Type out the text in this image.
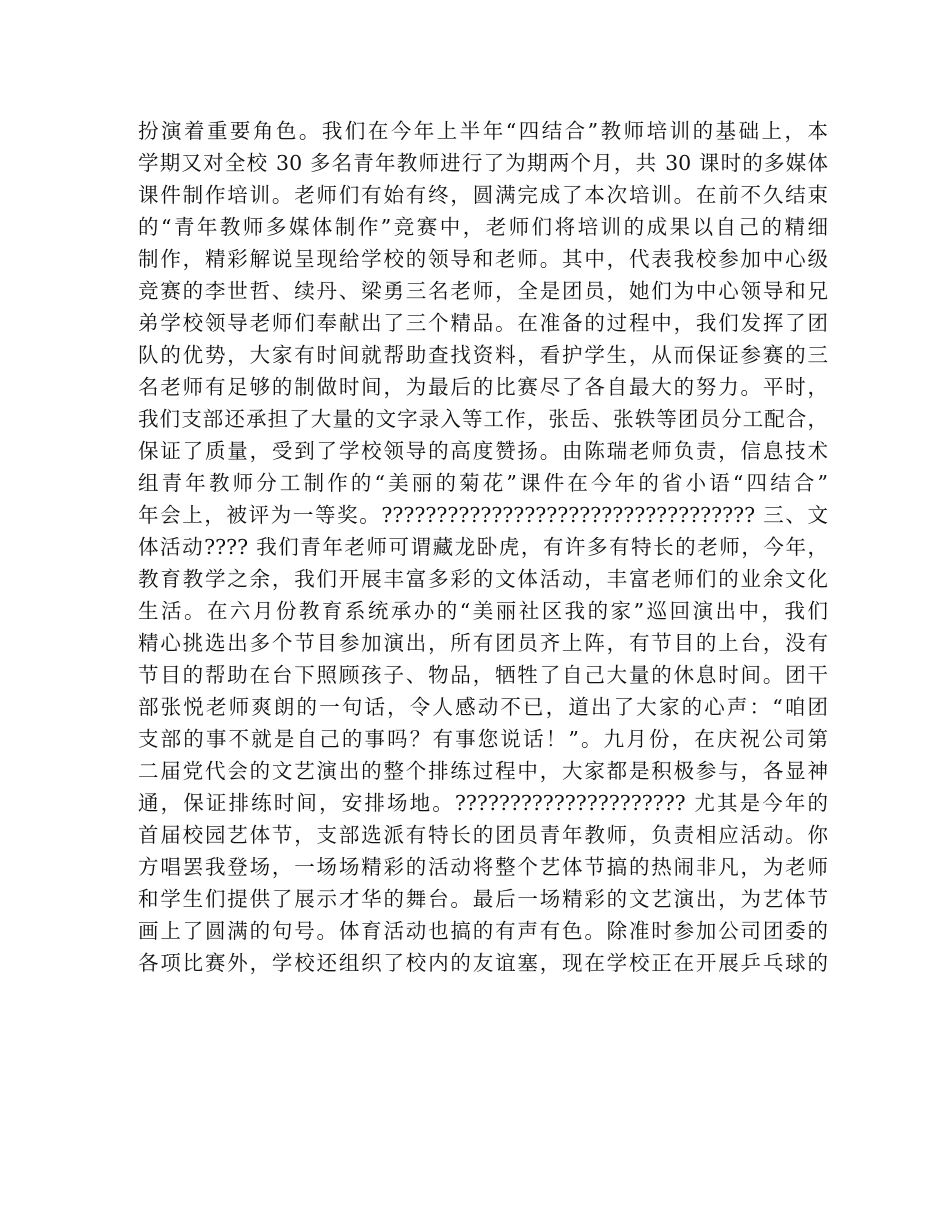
扮演着重要角色。我们在今年上半年“四结合”教师培训的基础上，本
学期又对全校 30 多名青年教师进行了为期两个月，共 30 课时的多媒体
课件制作培训。老师们有始有终，圆满完成了本次培训。在前不久结束
的“青年教师多媒体制作”竞赛中，老师们将培训的成果以自己的精细
制作，精彩解说呈现给学校的领导和老师。其中，代表我校参加中心级
竞赛的李世哲、续丹、梁勇三名老师，全是团员，她们为中心领导和兄
弟学校领导老师们奉献出了三个精品。在准备的过程中，我们发挥了团
队的优势，大家有时间就帮助查找资料，看护学生，从而保证参赛的三
名老师有足够的制做时间，为最后的比赛尽了各自最大的努力。平时，
我们支部还承担了大量的文字录入等工作，张岳、张轶等团员分工配合，
保证了质量，受到了学校领导的高度赞扬。由陈瑞老师负责，信息技术
组青年教师分工制作的“美丽的菊花”课件在今年的省小语“四结合”
年会上，被评为一等奖。?????????????????????????????????? 三、文
体活动???? 我们青年老师可谓藏龙卧虎，有许多有特长的老师，今年，
教育教学之余，我们开展丰富多彩的文体活动，丰富老师们的业余文化
生活。在六月份教育系统承办的“美丽社区我的家”巡回演出中，我们
精心挑选出多个节目参加演出，所有团员齐上阵，有节目的上台，没有
节目的帮助在台下照顾孩子、物品，牺牲了自己大量的休息时间。团干
部张悦老师爽朗的一句话，令人感动不已，道出了大家的心声：“咱团
支部的事不就是自己的事吗？有事您说话！”。九月份，在庆祝公司第
二届党代会的文艺演出的整个排练过程中，大家都是积极参与，各显神
通，保证排练时间，安排场地。????????????????????? 尤其是今年的
首届校园艺体节，支部选派有特长的团员青年教师，负责相应活动。你
方唱罢我登场，一场场精彩的活动将整个艺体节搞的热闹非凡，为老师
和学生们提供了展示才华的舞台。最后一场精彩的文艺演出，为艺体节
画上了圆满的句号。体育活动也搞的有声有色。除准时参加公司团委的
各项比赛外，学校还组织了校内的友谊塞，现在学校正在开展乒乓球的
